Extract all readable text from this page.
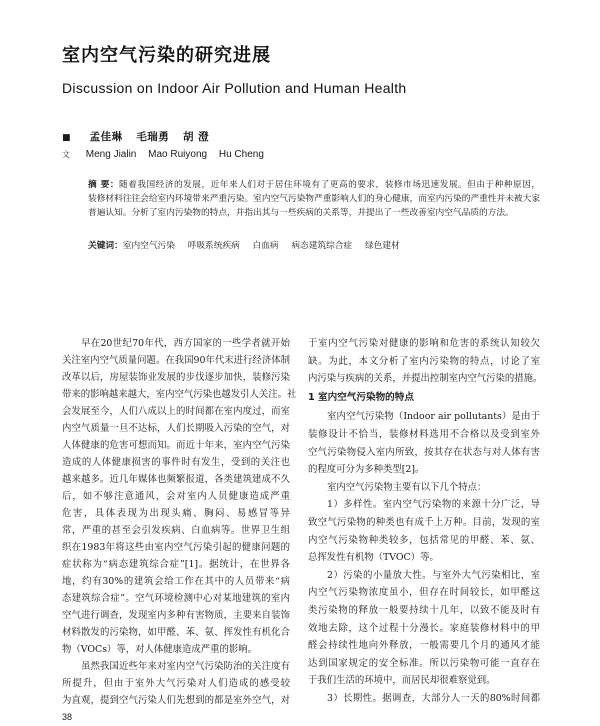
室内空气污染的研究进展
Discussion on Indoor Air Pollution and Human Health
■ 孟佳琳 毛瑞勇 胡 澄
文 Meng Jialin Mao Ruiyong Hu Cheng
摘 要：随着我国经济的发展，近年来人们对于居住环境有了更高的要求，装修市场迅速发展。但由于种种原因，
装修材料往往会给室内环境带来严重污染。室内空气污染物严重影响人们的身心健康，而室内污染的严重性并未被大家
普遍认知。分析了室内污染物的特点，并指出其与一些疾病的关系等，并提出了一些改善室内空气品质的方法。
关键词：室内空气污染 呼吸系统疾病 白血病 病态建筑综合症 绿色建材
早在20世纪70年代，西方国家的一些学者就开始
关注室内空气质量问题。在我国90年代末进行经济体制
改革以后，房屋装饰业发展的步伐逐步加快，装修污染
带来的影响越来越大，室内空气污染也越发引人关注。社
会发展至今，人们八成以上的时间都在室内度过，而室
内空气质量一旦不达标，人们长期吸入污染的空气，对
人体健康的危害可想而知。而近十年来，室内空气污染
造成的人体健康损害的事件时有发生，受到的关注也
越来越多。近几年媒体也频繁报道，各类建筑建成不久
后，如不够注意通风，会对室内人员健康造成严重
危害，具体表现为出现头痛、胸闷、易感冒等异
常，严重的甚至会引发疾病、白血病等。世界卫生组
织在1983年将这些由室内空气污染引起的健康问题的
症状称为“病态建筑综合症”[1]。据统计，在世界各
地，约有30%的建筑会给工作在其中的人员带来“病
态建筑综合症”。空气环境检测中心对某地建筑的室内
空气进行调查，发现室内多种有害物质，主要来自装饰
材料散发的污染物，如甲醛、苯、氨、挥发性有机化合
物（VOCs）等，对人体健康造成严重的影响。
虽然我国近些年来对室内空气污染防治的关注度有
所提升，但由于室外大气污染对人们造成的感受较
为直观，提到空气污染人们先想到的都是室外空气，对
于室内空气污染对健康的影响和危害的系统认知较欠
缺。为此，本文分析了室内污染物的特点，讨论了室
内污染与疾病的关系，并提出控制室内空气污染的措施。
1 室内空气污染物的特点
室内空气污染物（Indoor air pollutants）是由于
装修设计不恰当，装修材料选用不合格以及受到室外
空气污染物侵入室内所致，按其存在状态与对人体有害
的程度可分为多种类型[2]。
室内空气污染物主要有以下几个特点：
1）多样性。室内空气污染物的来源十分广泛，导
致空气污染物的种类也有成千上万种。目前，发现的室
内空气污染物种类较多，包括常见的甲醛、苯、氨、
总挥发性有机物（TVOC）等。
2）污染的小量放大性。与室外大气污染相比，室
内空气污染物浓度虽小，但存在时间较长，如甲醛这
类污染物的释放一般要持续十几年，以致不能及时有
效地去除，这个过程十分漫长。家庭装修材料中的甲
醛会持续性地向外释放，一般需要几个月的通风才能
达到国家规定的安全标准。所以污染物可能一直存在
于我们生活的环境中，而居民却很难察觉到。
3）长期性。据调查，大部分人一天的80%时间都
38
